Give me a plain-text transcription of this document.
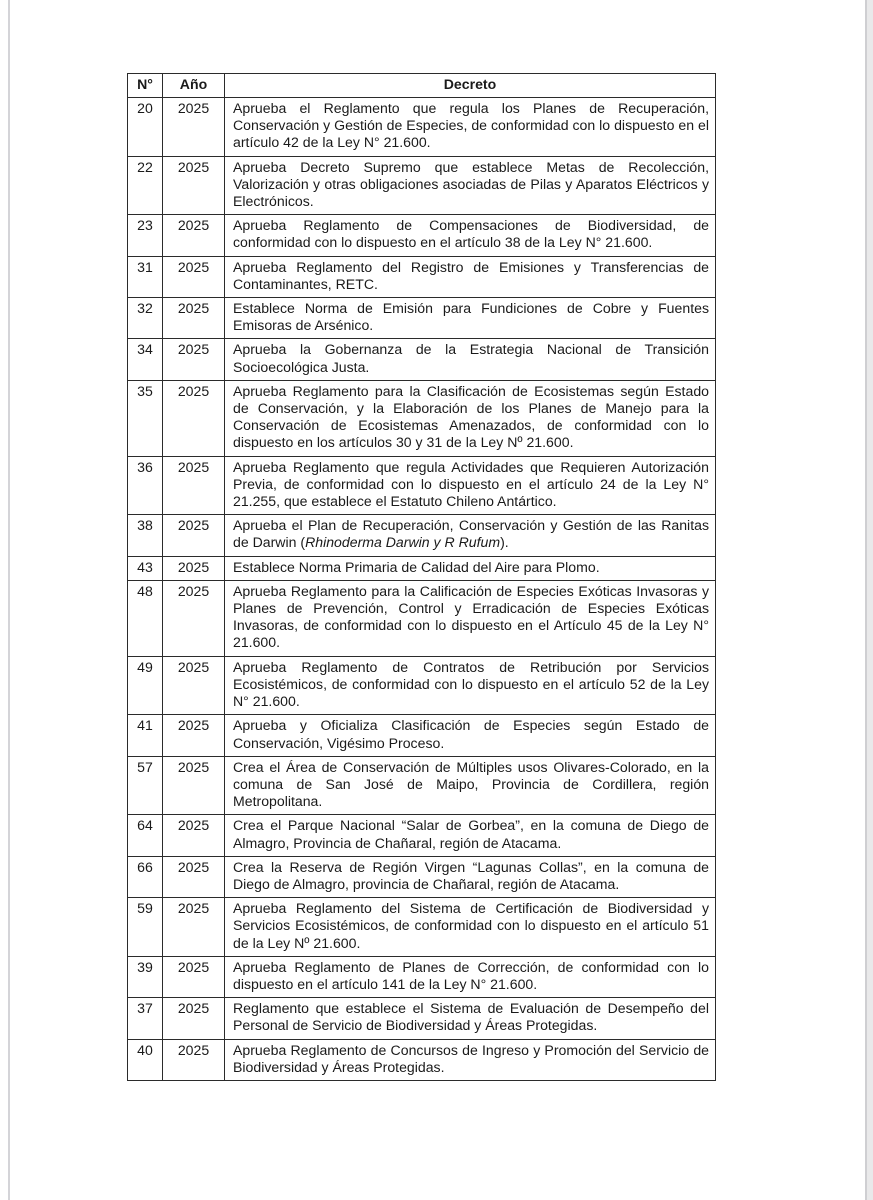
N°	Año	Decreto
20	2025	Aprueba el Reglamento que regula los Planes de Recuperación, Conservación y Gestión de Especies, de conformidad con lo dispuesto en el artículo 42 de la Ley N° 21.600.
22	2025	Aprueba Decreto Supremo que establece Metas de Recolección, Valorización y otras obligaciones asociadas de Pilas y Aparatos Eléctricos y Electrónicos.
23	2025	Aprueba Reglamento de Compensaciones de Biodiversidad, de conformidad con lo dispuesto en el artículo 38 de la Ley N° 21.600.
31	2025	Aprueba Reglamento del Registro de Emisiones y Transferencias de Contaminantes, RETC.
32	2025	Establece Norma de Emisión para Fundiciones de Cobre y Fuentes Emisoras de Arsénico.
34	2025	Aprueba la Gobernanza de la Estrategia Nacional de Transición Socioecológica Justa.
35	2025	Aprueba Reglamento para la Clasificación de Ecosistemas según Estado de Conservación, y la Elaboración de los Planes de Manejo para la Conservación de Ecosistemas Amenazados, de conformidad con lo dispuesto en los artículos 30 y 31 de la Ley Nº 21.600.
36	2025	Aprueba Reglamento que regula Actividades que Requieren Autorización Previa, de conformidad con lo dispuesto en el artículo 24 de la Ley N° 21.255, que establece el Estatuto Chileno Antártico.
38	2025	Aprueba el Plan de Recuperación, Conservación y Gestión de las Ranitas de Darwin (Rhinoderma Darwin y R Rufum).
43	2025	Establece Norma Primaria de Calidad del Aire para Plomo.
48	2025	Aprueba Reglamento para la Calificación de Especies Exóticas Invasoras y Planes de Prevención, Control y Erradicación de Especies Exóticas Invasoras, de conformidad con lo dispuesto en el Artículo 45 de la Ley N° 21.600.
49	2025	Aprueba Reglamento de Contratos de Retribución por Servicios Ecosistémicos, de conformidad con lo dispuesto en el artículo 52 de la Ley N° 21.600.
41	2025	Aprueba y Oficializa Clasificación de Especies según Estado de Conservación, Vigésimo Proceso.
57	2025	Crea el Área de Conservación de Múltiples usos Olivares-Colorado, en la comuna de San José de Maipo, Provincia de Cordillera, región Metropolitana.
64	2025	Crea el Parque Nacional “Salar de Gorbea”, en la comuna de Diego de Almagro, Provincia de Chañaral, región de Atacama.
66	2025	Crea la Reserva de Región Virgen “Lagunas Collas”, en la comuna de Diego de Almagro, provincia de Chañaral, región de Atacama.
59	2025	Aprueba Reglamento del Sistema de Certificación de Biodiversidad y Servicios Ecosistémicos, de conformidad con lo dispuesto en el artículo 51 de la Ley Nº 21.600.
39	2025	Aprueba Reglamento de Planes de Corrección, de conformidad con lo dispuesto en el artículo 141 de la Ley N° 21.600.
37	2025	Reglamento que establece el Sistema de Evaluación de Desempeño del Personal de Servicio de Biodiversidad y Áreas Protegidas.
40	2025	Aprueba Reglamento de Concursos de Ingreso y Promoción del Servicio de Biodiversidad y Áreas Protegidas.
